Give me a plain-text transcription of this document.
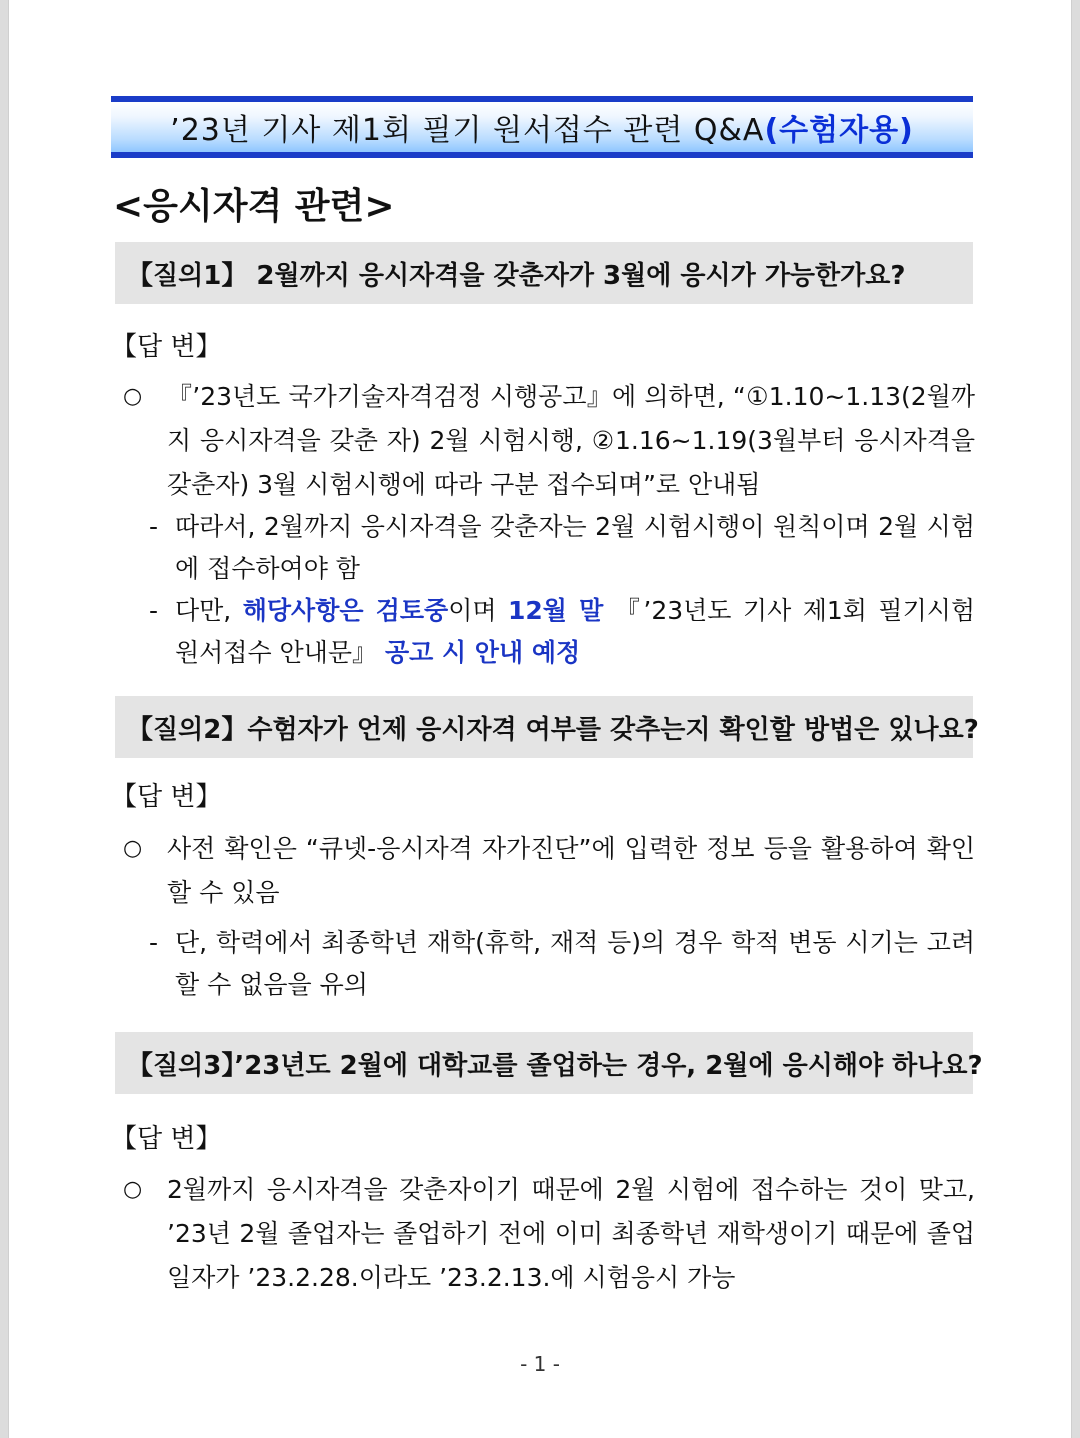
’23년 기사 제1회 필기 원서접수 관련 Q&A (수험자용)
<응시자격 관련>
【질의1】 2월까지 응시자격을 갖춘자가 3월에 응시가 가능한가요?
【답 변】
○ 『’23년도 국가기술자격검정 시행공고』에 의하면, “①1.10~1.13(2월까지 응시자격을 갖춘 자) 2월 시험시행, ②1.16~1.19(3월부터 응시자격을 갖춘자) 3월 시험시행에 따라 구분 접수되며”로 안내됨
- 따라서, 2월까지 응시자격을 갖춘자는 2월 시험시행이 원칙이며 2월 시험에 접수하여야 함
- 다만, 해당사항은 검토중이며 12월 말 『’23년도 기사 제1회 필기시험 원서접수 안내문』 공고 시 안내 예정
【질의2】수험자가 언제 응시자격 여부를 갖추는지 확인할 방법은 있나요?
【답 변】
○ 사전 확인은 “큐넷-응시자격 자가진단”에 입력한 정보 등을 활용하여 확인할 수 있음
- 단, 학력에서 최종학년 재학(휴학, 재적 등)의 경우 학적 변동 시기는 고려할 수 없음을 유의
【질의3】’23년도 2월에 대학교를 졸업하는 경우, 2월에 응시해야 하나요?
【답 변】
○ 2월까지 응시자격을 갖춘자이기 때문에 2월 시험에 접수하는 것이 맞고, ’23년 2월 졸업자는 졸업하기 전에 이미 최종학년 재학생이기 때문에 졸업일자가 ’23.2.28.이라도 ’23.2.13.에 시험응시 가능
- 1 -
